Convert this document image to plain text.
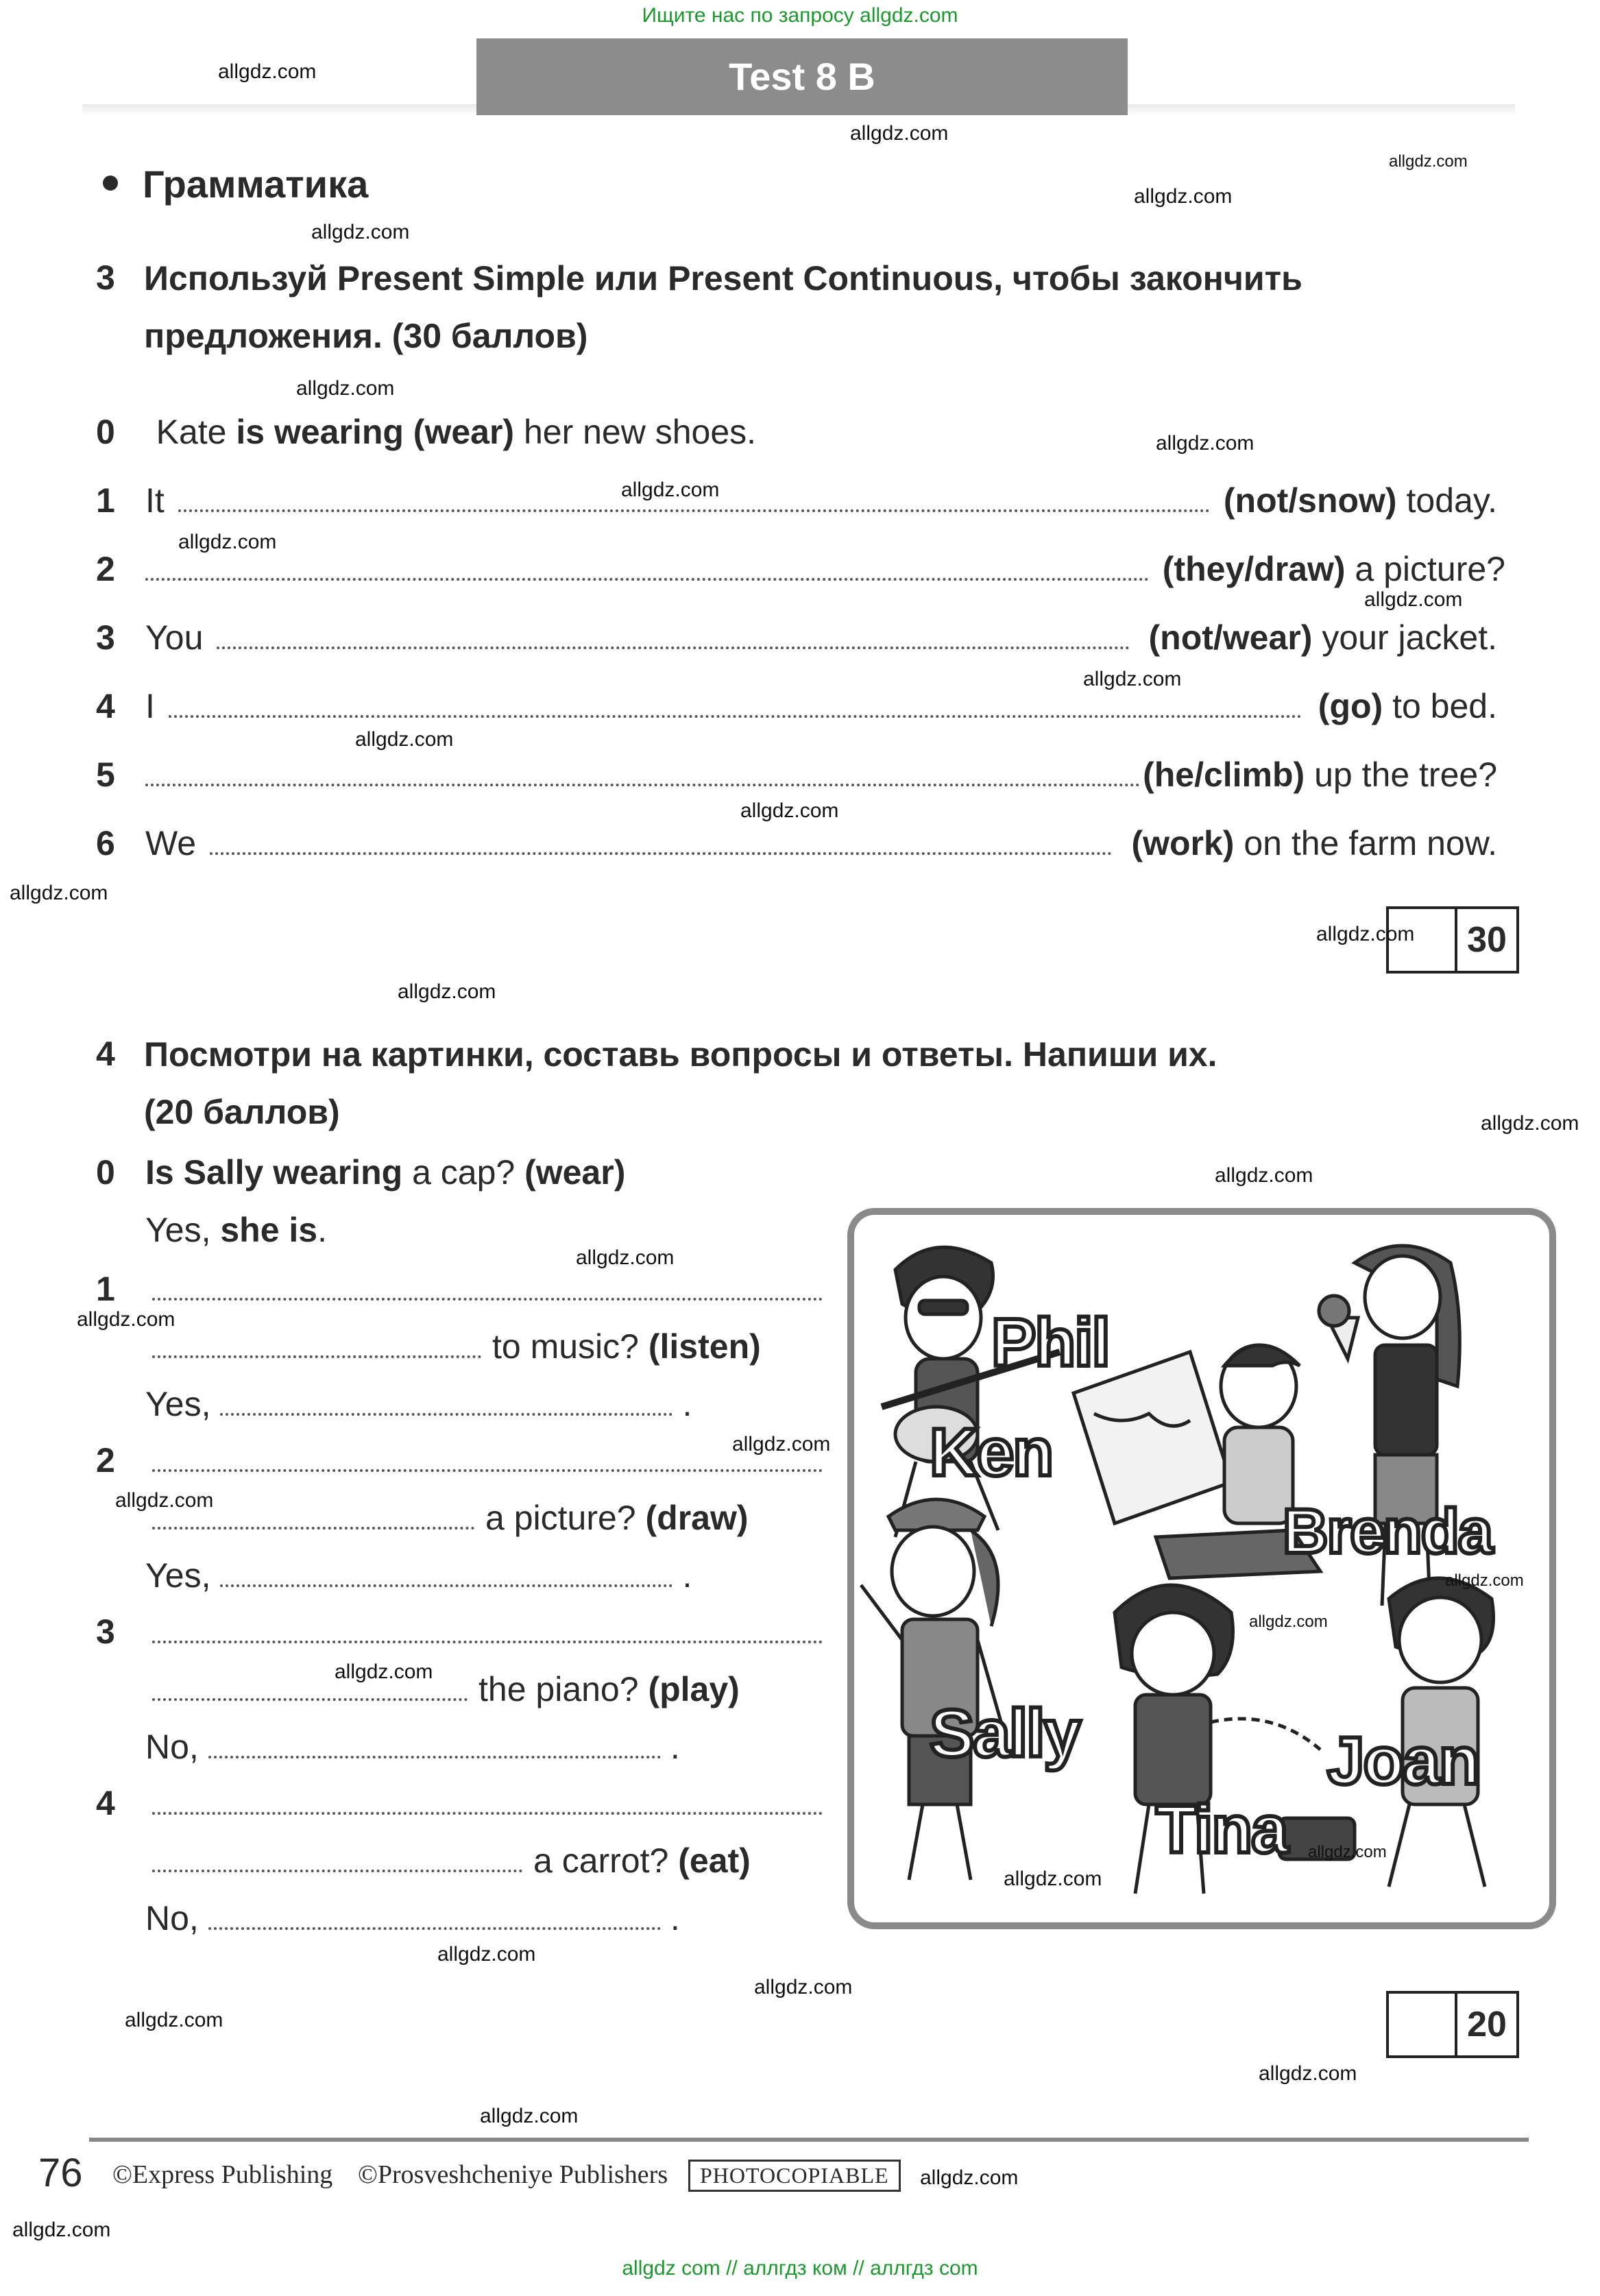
Ищите нас по запросу allgdz.com
allgdz com // аллгдз ком // аллгдз com
Test 8 B
Грамматика
3 Используй Present Simple или Present Continuous, чтобы закончить
предложения. (30 баллов)
0 Kate is wearing (wear) her new shoes.
1 It	(not/snow)
today.
2	(they/draw)
a picture?
3 You	(not/wear)
your jacket.
4 I	(go)
to bed.
5	(he/climb)
up the tree?
6 We	(work)
on the farm now.
30
4 Посмотри на картинки, составь вопросы и ответы. Напиши их.
(20 баллов)
0 Is Sally wearing a cap? (wear)
Yes, she is.
1
to music?
(listen)
Yes,	.
2
a picture?
(draw)
Yes,	.
3
the piano?
(play)
No,	.
4
a carrot?
(eat)
No,	.
Phil
Ken
Brenda
Sally	Joan
Tina
20
76 ©Express Publishing ©Prosveshcheniye Publishers	PHOTOCOPIABLE
allgdz.com
allgdz.com
allgdz.com
allgdz.com
allgdz.com
allgdz.com
allgdz.com
allgdz.com
allgdz.com
allgdz.com
allgdz.com
allgdz.com
allgdz.com
allgdz.com
allgdz.com
allgdz.com
allgdz.com
allgdz.com
allgdz.com
allgdz.com
allgdz.com
allgdz.com
allgdz.com
allgdz.com
allgdz.com
allgdz.com
allgdz.com
allgdz.com
allgdz.com
allgdz.com
allgdz.com
allgdz.com
allgdz.com
allgdz.com
